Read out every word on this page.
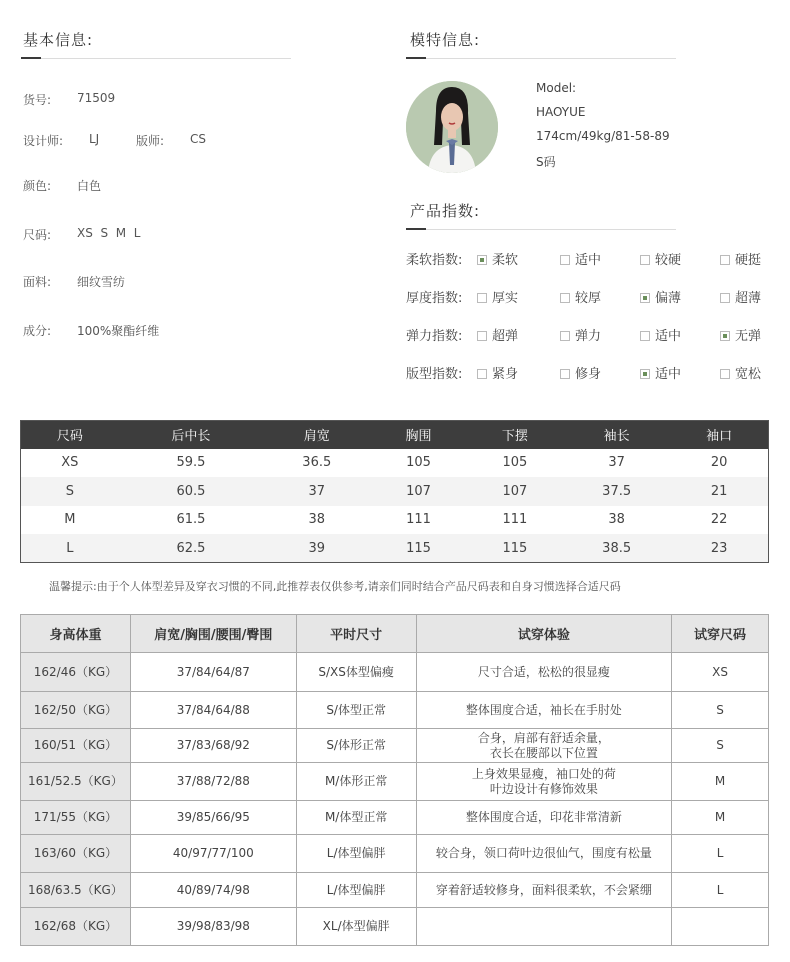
基本信息:
货号: 71509
设计师: LJ	版师: CS
颜色: 白色
尺码: XS  S  M  L
面料: 细纹雪纺
成分: 100%聚酯纤维
模特信息:
Model:
HAOYUE
174cm/49kg/81-58-89
S码
产品指数:
柔软指数:	柔软	适中	较硬	硬挺
厚度指数:	厚实	较厚	偏薄	超薄
弹力指数:	超弹	弹力	适中	无弹
版型指数:	紧身	修身	适中	宽松
尺码	后中长	肩宽	胸围	下摆	袖长	袖口
XS	59.5	36.5	105	105	37	20
S	60.5	37	107	107	37.5	21
M	61.5	38	111	111	38	22
L	62.5	39	115	115	38.5	23
温馨提示:由于个人体型差异及穿衣习惯的不同,此推荐表仅供参考,请亲们同时结合产品尺码表和自身习惯选择合适尺码
身高体重	肩宽/胸围/腰围/臀围	平时尺寸	试穿体验	试穿尺码
162/46（KG）	37/84/64/87	S/XS体型偏瘦	尺寸合适，松松的很显瘦	XS
162/50（KG）	37/84/64/88	S/体型正常	整体围度合适，袖长在手肘处	S
160/51（KG）	37/83/68/92	S/体形正常	合身，肩部有舒适余量，
衣长在腰部以下位置	S
161/52.5（KG）	37/88/72/88	M/体形正常	上身效果显瘦，袖口处的荷
叶边设计有修饰效果	M
171/55（KG）	39/85/66/95	M/体型正常	整体围度合适，印花非常清新	M
163/60（KG）	40/97/77/100	L/体型偏胖	较合身，领口荷叶边很仙气，围度有松量	L
168/63.5（KG）	40/89/74/98	L/体型偏胖	穿着舒适较修身，面料很柔软，不会紧绷	L
162/68（KG）	39/98/83/98	XL/体型偏胖	
